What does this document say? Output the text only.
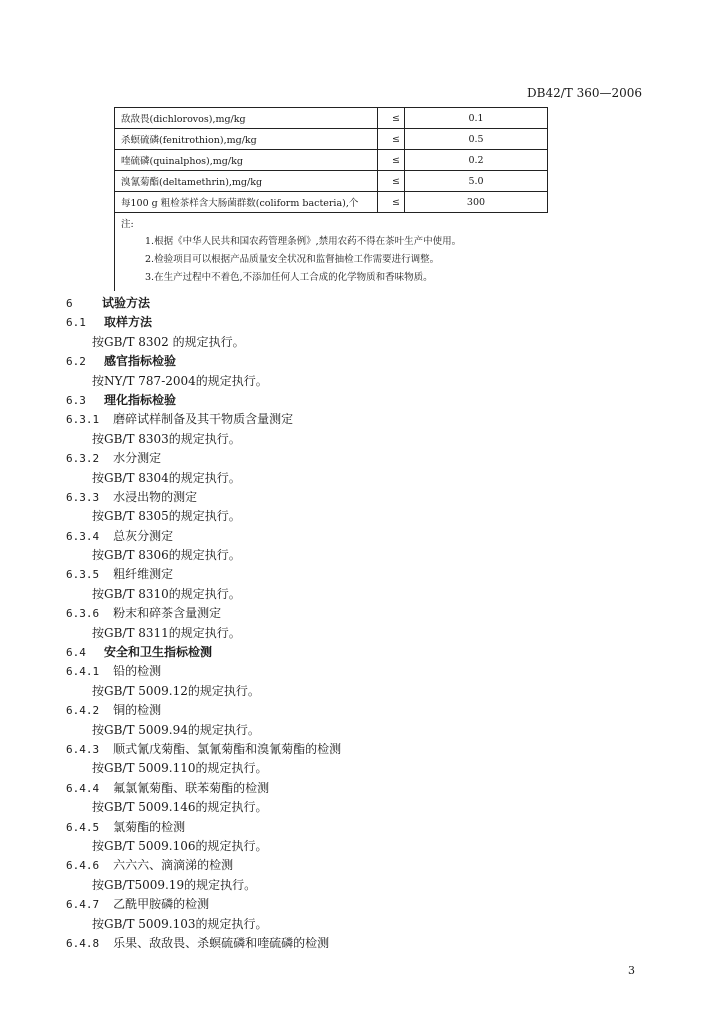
DB42/T 360—2006
敌敌畏(dichlorovos),mg/kg	≤	0.1
杀螟硫磷(fenitrothion),mg/kg	≤	0.5
喹硫磷(quinalphos),mg/kg	≤	0.2
溴氰菊酯(deltamethrin),mg/kg	≤	5.0
每100 g 粗检茶样含大肠菌群数(coliform bacteria),个	≤	300

注:
1.根据《中华人民共和国农药管理条例》,禁用农药不得在茶叶生产中使用。
2.检验项目可以根据产品质量安全状况和监督抽检工作需要进行调整。
3.在生产过程中不着色,不添加任何人工合成的化学物质和香味物质。		
6 试验方法
6.1 取样方法
按GB/T 8302 的规定执行。
6.2 感官指标检验
按NY/T 787-2004的规定执行。
6.3 理化指标检验
6.3.1 磨碎试样制备及其干物质含量测定
按GB/T 8303的规定执行。
6.3.2 水分测定
按GB/T 8304的规定执行。
6.3.3 水浸出物的测定
按GB/T 8305的规定执行。
6.3.4 总灰分测定
按GB/T 8306的规定执行。
6.3.5 粗纤维测定
按GB/T 8310的规定执行。
6.3.6 粉末和碎茶含量测定
按GB/T 8311的规定执行。
6.4 安全和卫生指标检测
6.4.1 铅的检测
按GB/T 5009.12的规定执行。
6.4.2 铜的检测
按GB/T 5009.94的规定执行。
6.4.3 顺式氰戊菊酯、氯氰菊酯和溴氰菊酯的检测
按GB/T 5009.110的规定执行。
6.4.4 氟氯氰菊酯、联苯菊酯的检测
按GB/T 5009.146的规定执行。
6.4.5 氯菊酯的检测
按GB/T 5009.106的规定执行。
6.4.6 六六六、滴滴涕的检测
按GB/T5009.19的规定执行。
6.4.7 乙酰甲胺磷的检测
按GB/T 5009.103的规定执行。
6.4.8 乐果、敌敌畏、杀螟硫磷和喹硫磷的检测
3
